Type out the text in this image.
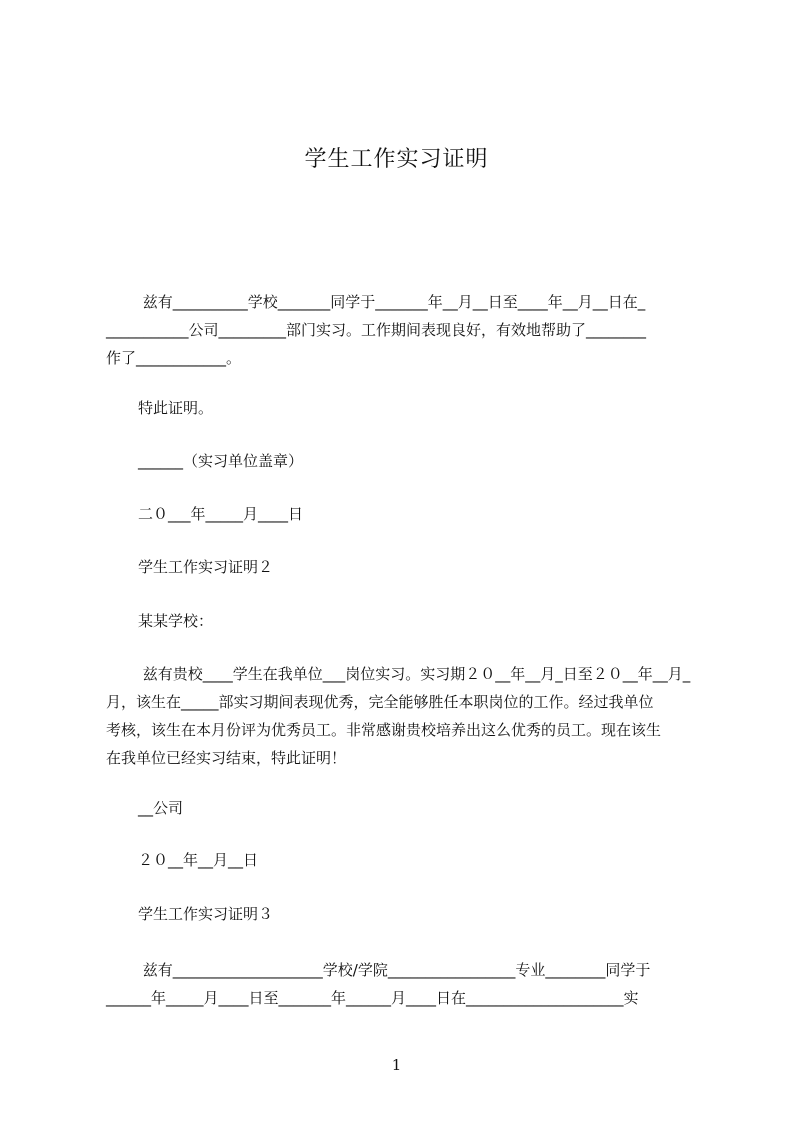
学生工作实习证明
兹有__________学校_______同学于_______年__月__日至____年__月__日在_
___________公司_________部门实习。工作期间表现良好，有效地帮助了________
作了____________。
特此证明。
______（实习单位盖章）
二０___年_____月____日
学生工作实习证明２
某某学校：
兹有贵校____学生在我单位___岗位实习。实习期２０__年__月_日至２０__年__月_
月，该生在_____部实习期间表现优秀，完全能够胜任本职岗位的工作。经过我单位
考核，该生在本月份评为优秀员工。非常感谢贵校培养出这么优秀的员工。现在该生
在我单位已经实习结束，特此证明！
__公司
２０__年__月__日
学生工作实习证明３
兹有____________________学校/学院_________________专业________同学于
______年_____月____日至_______年______月____日在_____________________实
1
